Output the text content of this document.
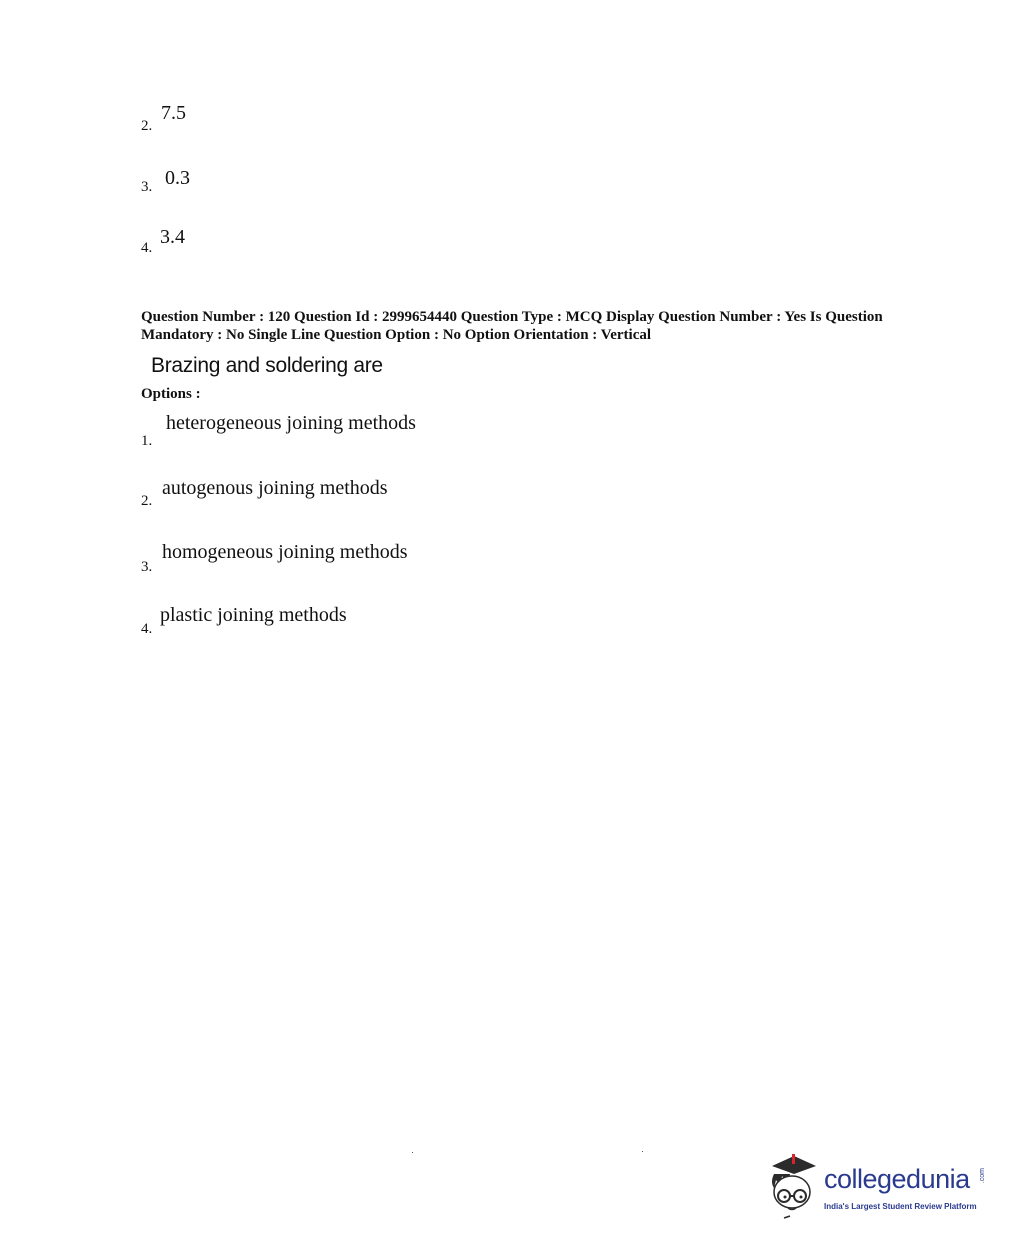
2.
7.5
3. 0.3
4. 3.4
Question Number : 120 Question Id : 2999654440 Question Type : MCQ Display Question Number : Yes Is Question Mandatory : No Single Line Question Option : No Option Orientation : Vertical
Brazing and soldering are
Options :
1.
heterogeneous joining methods
2.
autogenous joining methods
3.
homogeneous joining methods
4.
plastic joining methods
collegedunia .com
India's Largest Student Review Platform
